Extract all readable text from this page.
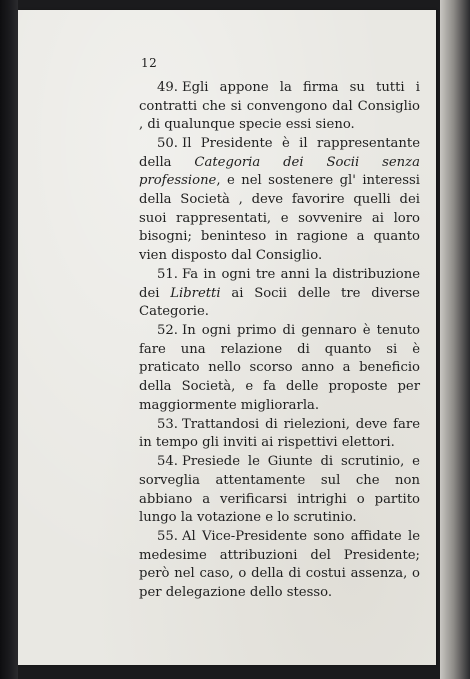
12

49. Egli appone la firma su tutti i contratti che si convengono dal Consiglio , di qualunque specie essi sieno.

50. Il Presidente è il rappresentante della Categoria dei Socii senza professione, e nel sostenere gl' interessi della Società , deve favorire quelli dei suoi rappresentati, e sovvenire ai loro bisogni; beninteso in ragione a quanto vien disposto dal Consiglio.

51. Fa in ogni tre anni la distribuzione dei Libretti ai Socii delle tre diverse Categorie.

52. In ogni primo di gennaro è tenuto fare una relazione di quanto si è praticato nello scorso anno a beneficio della Società, e fa delle proposte per maggiormente migliorarla.

53. Trattandosi di rielezioni, deve fare in tempo gli inviti ai rispettivi elettori.

54. Presiede le Giunte di scrutinio, e sorveglia attentamente sul che non abbiano a verificarsi intrighi o partito lungo la votazione e lo scrutinio.

55. Al Vice-Presidente sono affidate le medesime attribuzioni del Presidente; però nel caso, o della di costui assenza, o per delegazione dello stesso.
